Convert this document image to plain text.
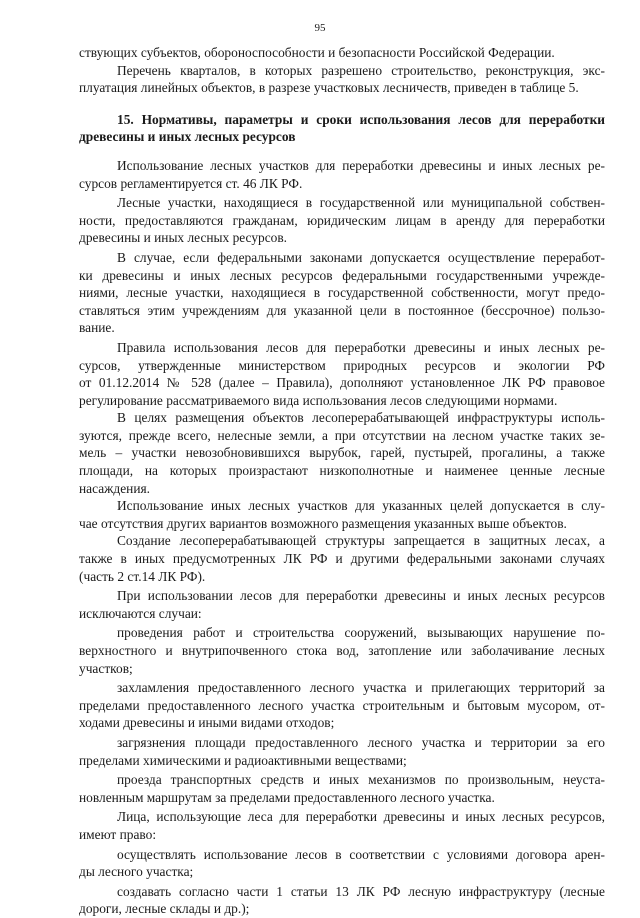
95
ствующих субъектов, обороноспособности и безопасности Российской Федерации.
Перечень кварталов, в которых разрешено строительство, реконструкция, экс-
плуатация линейных объектов, в разрезе участковых лесничеств, приведен в таблице 5.
15. Нормативы, параметры и сроки использования лесов для переработки
древесины и иных лесных ресурсов
Использование лесных участков для переработки древесины и иных лесных ре-
сурсов регламентируется ст. 46 ЛК РФ.
Лесные участки, находящиеся в государственной или муниципальной собствен-
ности, предоставляются гражданам, юридическим лицам в аренду для переработки
древесины и иных лесных ресурсов.
В случае, если федеральными законами допускается осуществление переработ-
ки древесины и иных лесных ресурсов федеральными государственными учрежде-
ниями, лесные участки, находящиеся в государственной собственности, могут предо-
ставляться этим учреждениям для указанной цели в постоянное (бессрочное) пользо-
вание.
Правила использования лесов для переработки древесины и иных лесных ре-
сурсов, утвержденные министерством природных ресурсов и экологии РФ
от 01.12.2014 № 528 (далее – Правила), дополняют установленное ЛК РФ правовое
регулирование рассматриваемого вида использования лесов следующими нормами.
В целях размещения объектов лесоперерабатывающей инфраструктуры исполь-
зуются, прежде всего, нелесные земли, а при отсутствии на лесном участке таких зе-
мель – участки невозобновившихся вырубок, гарей, пустырей, прогалины, а также
площади, на которых произрастают низкополнотные и наименее ценные лесные
насаждения.
Использование иных лесных участков для указанных целей допускается в слу-
чае отсутствия других вариантов возможного размещения указанных выше объектов.
Создание лесоперерабатывающей структуры запрещается в защитных лесах, а
также в иных предусмотренных ЛК РФ и другими федеральными законами случаях
(часть 2 ст.14 ЛК РФ).
При использовании лесов для переработки древесины и иных лесных ресурсов
исключаются случаи:
проведения работ и строительства сооружений, вызывающих нарушение по-
верхностного и внутрипочвенного стока вод, затопление или заболачивание лесных
участков;
захламления предоставленного лесного участка и прилегающих территорий за
пределами предоставленного лесного участка строительным и бытовым мусором, от-
ходами древесины и иными видами отходов;
загрязнения площади предоставленного лесного участка и территории за его
пределами химическими и радиоактивными веществами;
проезда транспортных средств и иных механизмов по произвольным, неуста-
новленным маршрутам за пределами предоставленного лесного участка.
Лица, использующие леса для переработки древесины и иных лесных ресурсов,
имеют право:
осуществлять использование лесов в соответствии с условиями договора арен-
ды лесного участка;
создавать согласно части 1 статьи 13 ЛК РФ лесную инфраструктуру (лесные
дороги, лесные склады и др.);
